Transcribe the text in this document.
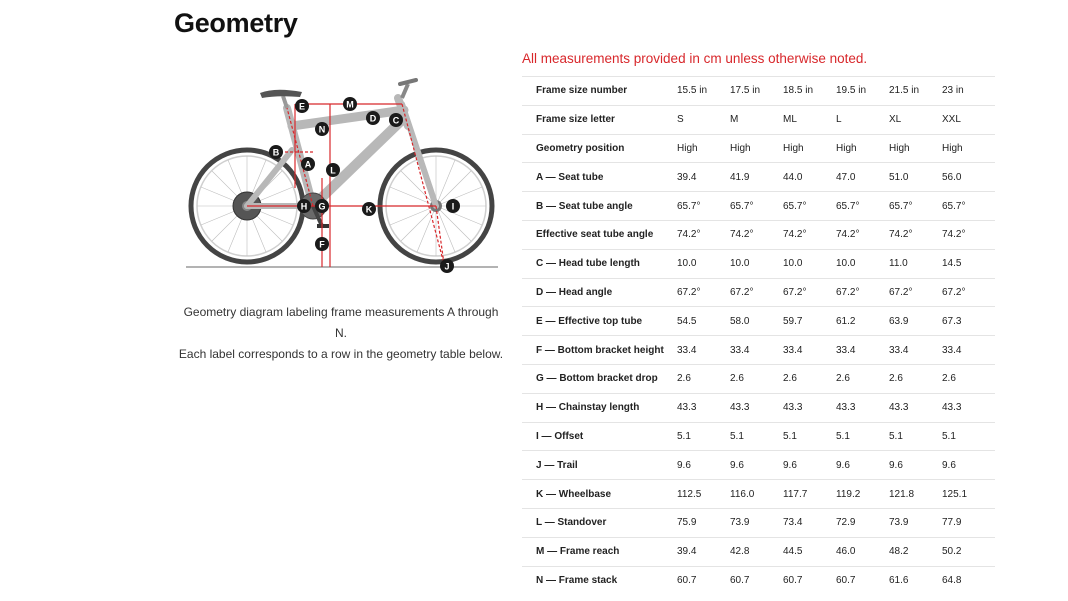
Geometry
A
B
C
D
E
F
G
H	I
J
K
L
M
N
Geometry diagram labeling frame measurements A through N.
Each label corresponds to a row in the geometry table below.
All measurements provided in cm unless otherwise noted.
Frame size number	15.5 in	17.5 in	18.5 in	19.5 in	21.5 in	23 in
Frame size letter	S	M	ML	L	XL	XXL
Geometry position	High	High	High	High	High	High
A — Seat tube	39.4	41.9	44.0	47.0	51.0	56.0
B — Seat tube angle	65.7°	65.7°	65.7°	65.7°	65.7°	65.7°
Effective seat tube angle	74.2°	74.2°	74.2°	74.2°	74.2°	74.2°
C — Head tube length	10.0	10.0	10.0	10.0	11.0	14.5
D — Head angle	67.2°	67.2°	67.2°	67.2°	67.2°	67.2°
E — Effective top tube	54.5	58.0	59.7	61.2	63.9	67.3
F — Bottom bracket height	33.4	33.4	33.4	33.4	33.4	33.4
G — Bottom bracket drop	2.6	2.6	2.6	2.6	2.6	2.6
H — Chainstay length	43.3	43.3	43.3	43.3	43.3	43.3
I — Offset	5.1	5.1	5.1	5.1	5.1	5.1
J — Trail	9.6	9.6	9.6	9.6	9.6	9.6
K — Wheelbase	112.5	116.0	117.7	119.2	121.8	125.1
L — Standover	75.9	73.9	73.4	72.9	73.9	77.9
M — Frame reach	39.4	42.8	44.5	46.0	48.2	50.2
N — Frame stack	60.7	60.7	60.7	60.7	61.6	64.8
